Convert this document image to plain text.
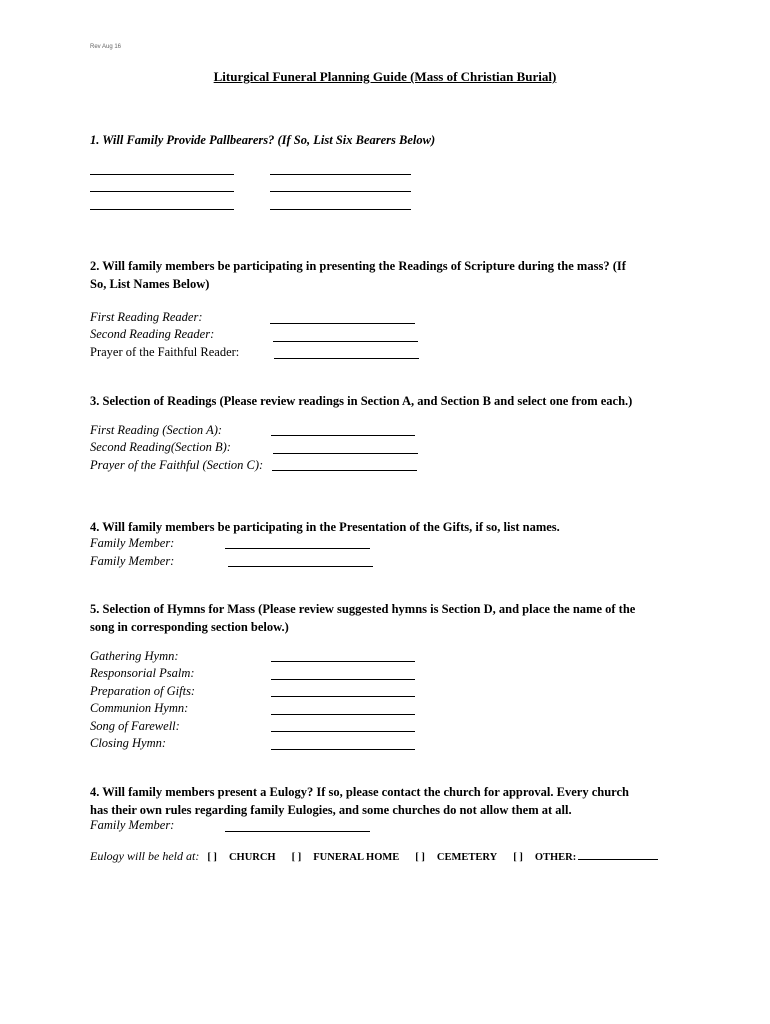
Rev Aug 16
Liturgical Funeral Planning Guide (Mass of Christian Burial)
1. Will Family Provide Pallbearers? (If So, List Six Bearers Below)
2. Will family members be participating in presenting the Readings of Scripture during the mass? (If
So, List Names Below)
First Reading Reader:
Second Reading Reader:
Prayer of the Faithful Reader:
3. Selection of Readings (Please review readings in Section A, and Section B and select one from each.)
First Reading (Section A):
Second Reading(Section B):
Prayer of the Faithful (Section C):
4. Will family members be participating in the Presentation of the Gifts, if so, list names.
Family Member:
Family Member:
5. Selection of Hymns for Mass (Please review suggested hymns is Section D, and place the name of the
song in corresponding section below.)
Gathering Hymn:
Responsorial Psalm:
Preparation of Gifts:
Communion Hymn:
Song of Farewell:
Closing Hymn:
4. Will family members present a Eulogy? If so, please contact the church for approval. Every church
has their own rules regarding family Eulogies, and some churches do not allow them at all.
Family Member:
Eulogy will be held at: [ ] CHURCH [ ] FUNERAL HOME [ ] CEMETERY [ ] OTHER:
